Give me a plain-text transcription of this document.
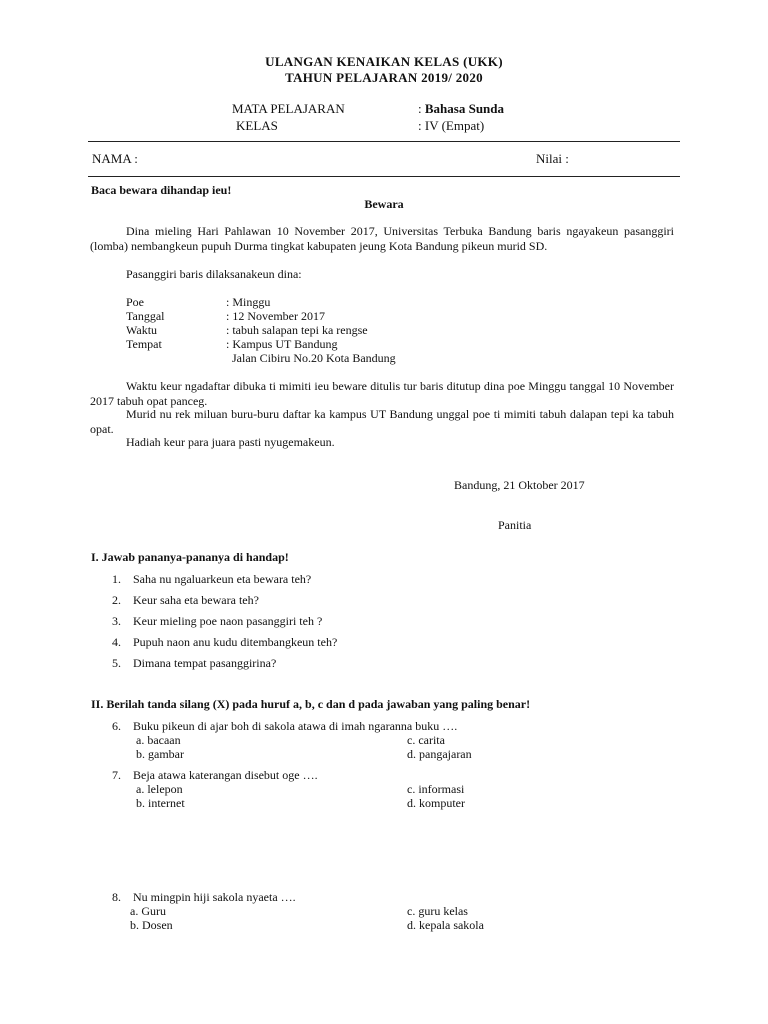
ULANGAN KENAIKAN KELAS (UKK)
TAHUN PELAJARAN 2019/ 2020
MATA PELAJARAN	: Bahasa Sunda
KELAS	: IV (Empat)
NAMA :	Nilai :
Baca bewara dihandap ieu!
Bewara
Dina mieling Hari Pahlawan 10 November 2017, Universitas Terbuka Bandung baris ngayakeun pasanggiri (lomba) nembangkeun pupuh Durma tingkat kabupaten jeung Kota Bandung pikeun murid SD.
Pasanggiri baris dilaksanakeun dina:
Poe	: Minggu
Tanggal	: 12 November 2017
Waktu	: tabuh salapan tepi ka rengse
Tempat	: Kampus UT Bandung
Jalan Cibiru No.20 Kota Bandung
Waktu keur ngadaftar dibuka ti mimiti ieu beware ditulis tur baris ditutup dina poe Minggu tanggal 10 November 2017 tabuh opat panceg.
Murid nu rek miluan buru-buru daftar ka kampus UT Bandung unggal poe ti mimiti tabuh dalapan tepi ka tabuh opat.
Hadiah keur para juara pasti nyugemakeun.
Bandung, 21 Oktober 2017
Panitia
I. Jawab pananya-pananya di handap!
1. Saha nu ngaluarkeun eta bewara teh?
2. Keur saha eta bewara teh?
3. Keur mieling poe naon pasanggiri teh ?
4. Pupuh naon anu kudu ditembangkeun teh?
5. Dimana tempat pasanggirina?
II. Berilah tanda silang (X) pada huruf a, b, c dan d pada jawaban yang paling benar!
6. Buku pikeun di ajar boh di sakola atawa di imah ngaranna buku ….
a. bacaan	c. carita
b. gambar	d. pangajaran
7. Beja atawa katerangan disebut oge ….
a. lelepon	c. informasi
b. internet	d. komputer
8. Nu mingpin hiji sakola nyaeta ….
a. Guru	c. guru kelas
b. Dosen	d. kepala sakola
